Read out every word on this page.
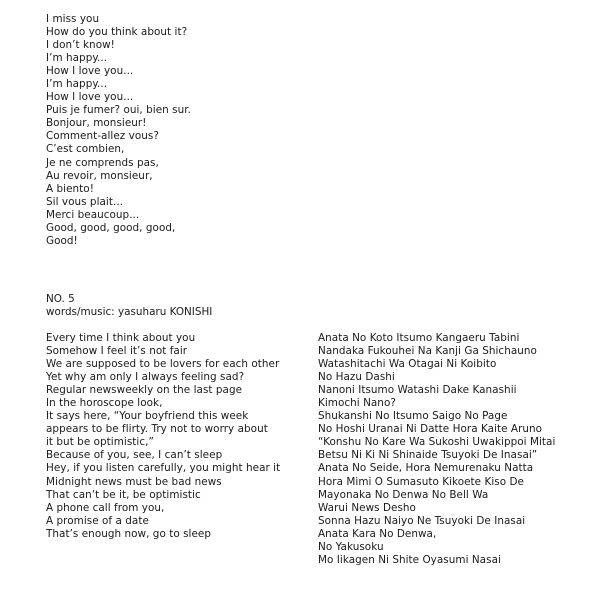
I miss you
How do you think about it?
I don’t know!
I’m happy...
How I love you...
I’m happy...
How I love you...
Puis je fumer? oui, bien sur.
Bonjour, monsieur!
Comment-allez vous?
C’est combien,
Je ne comprends pas,
Au revoir, monsieur,
A biento!
Sil vous plait...
Merci beaucoup...
Good, good, good, good,
Good!
NO. 5
words/music: yasuharu KONISHI
Every time I think about you
Somehow I feel it’s not fair
We are supposed to be lovers for each other
Yet why am only I always feeling sad?
Regular newsweekly on the last page
In the horoscope look,
It says here, “Your boyfriend this week
appears to be flirty. Try not to worry about
it but be optimistic,”
Because of you, see, I can’t sleep
Hey, if you listen carefully, you might hear it
Midnight news must be bad news
That can’t be it, be optimistic
A phone call from you,
A promise of a date
That’s enough now, go to sleep
Anata No Koto Itsumo Kangaeru Tabini
Nandaka Fukouhei Na Kanji Ga Shichauno
Watashitachi Wa Otagai Ni Koibito
No Hazu Dashi
Nanoni Itsumo Watashi Dake Kanashii
Kimochi Nano?
Shukanshi No Itsumo Saigo No Page
No Hoshi Uranai Ni Datte Hora Kaite Aruno
“Konshu No Kare Wa Sukoshi Uwakippoi Mitai
Betsu Ni Ki Ni Shinaide Tsuyoki De Inasai”
Anata No Seide, Hora Nemurenaku Natta
Hora Mimi O Sumasuto Kikoete Kiso De
Mayonaka No Denwa No Bell Wa
Warui News Desho
Sonna Hazu Naiyo Ne Tsuyoki De Inasai
Anata Kara No Denwa,
No Yakusoku
Mo Iikagen Ni Shite Oyasumi Nasai
